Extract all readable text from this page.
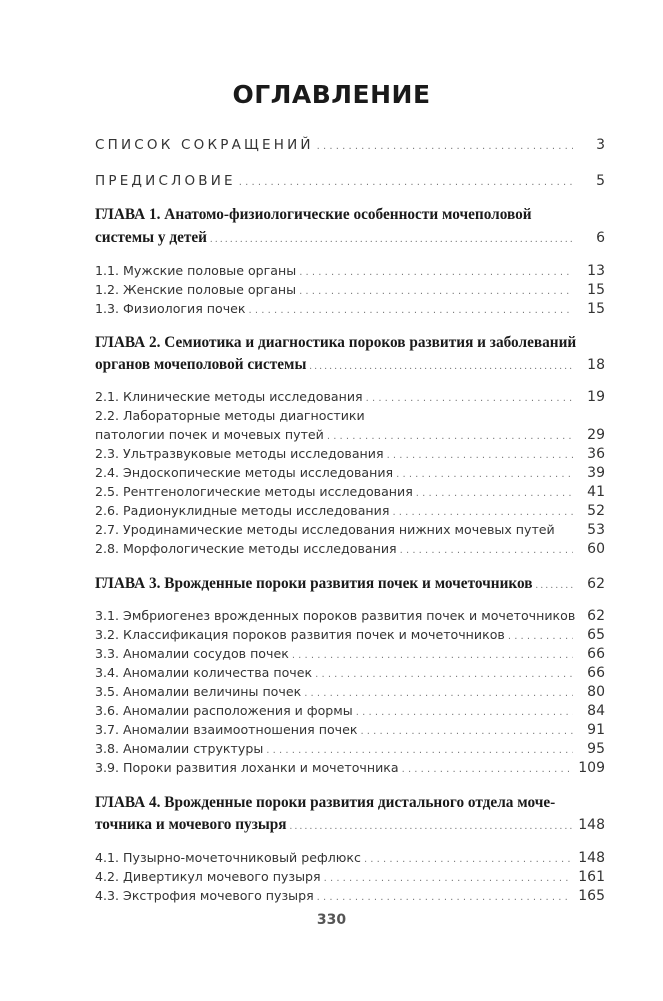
ОГЛАВЛЕНИЕ
СПИСОК СОКРАЩЕНИЙ . . .	3
ПРЕДИСЛОВИЕ . . .	5
ГЛАВА 1. Анатомо-физиологические особенности мочеполовой
системы у детей . . .	6
1.1. Мужские половые органы . . .	13
1.2. Женские половые органы . . .	15
1.3. Физиология почек . . .	15
ГЛАВА 2. Семиотика и диагностика пороков развития и заболеваний
органов мочеполовой системы . . .	18
2.1. Клинические методы исследования . . .	19
2.2. Лабораторные методы диагностики
патологии почек и мочевых путей . . .	29
2.3. Ультразвуковые методы исследования . . .	36
2.4. Эндоскопические методы исследования . . .	39
2.5. Рентгенологические методы исследования . . .	41
2.6. Радионуклидные методы исследования . . .	52
2.7. Уродинамические методы исследования нижних мочевых путей	53
2.8. Морфологические методы исследования . . .	60
ГЛАВА 3. Врожденные пороки развития почек и мочеточников . . .	62
3.1. Эмбриогенез врожденных пороков развития почек и мочеточников 62
3.2. Классификация пороков развития почек и мочеточников . . .	65
3.3. Аномалии сосудов почек . . .	66
3.4. Аномалии количества почек . . .	66
3.5. Аномалии величины почек . . .	80
3.6. Аномалии расположения и формы . . .	84
3.7. Аномалии взаимоотношения почек . . .	91
3.8. Аномалии структуры . . .	95
3.9. Пороки развития лоханки и мочеточника . . .	109
ГЛАВА 4. Врожденные пороки развития дистального отдела моче-
точника и мочевого пузыря . . .	148
4.1. Пузырно-мочеточниковый рефлюкс . . .	148
4.2. Дивертикул мочевого пузыря . . .	161
4.3. Экстрофия мочевого пузыря . . .	165
330
